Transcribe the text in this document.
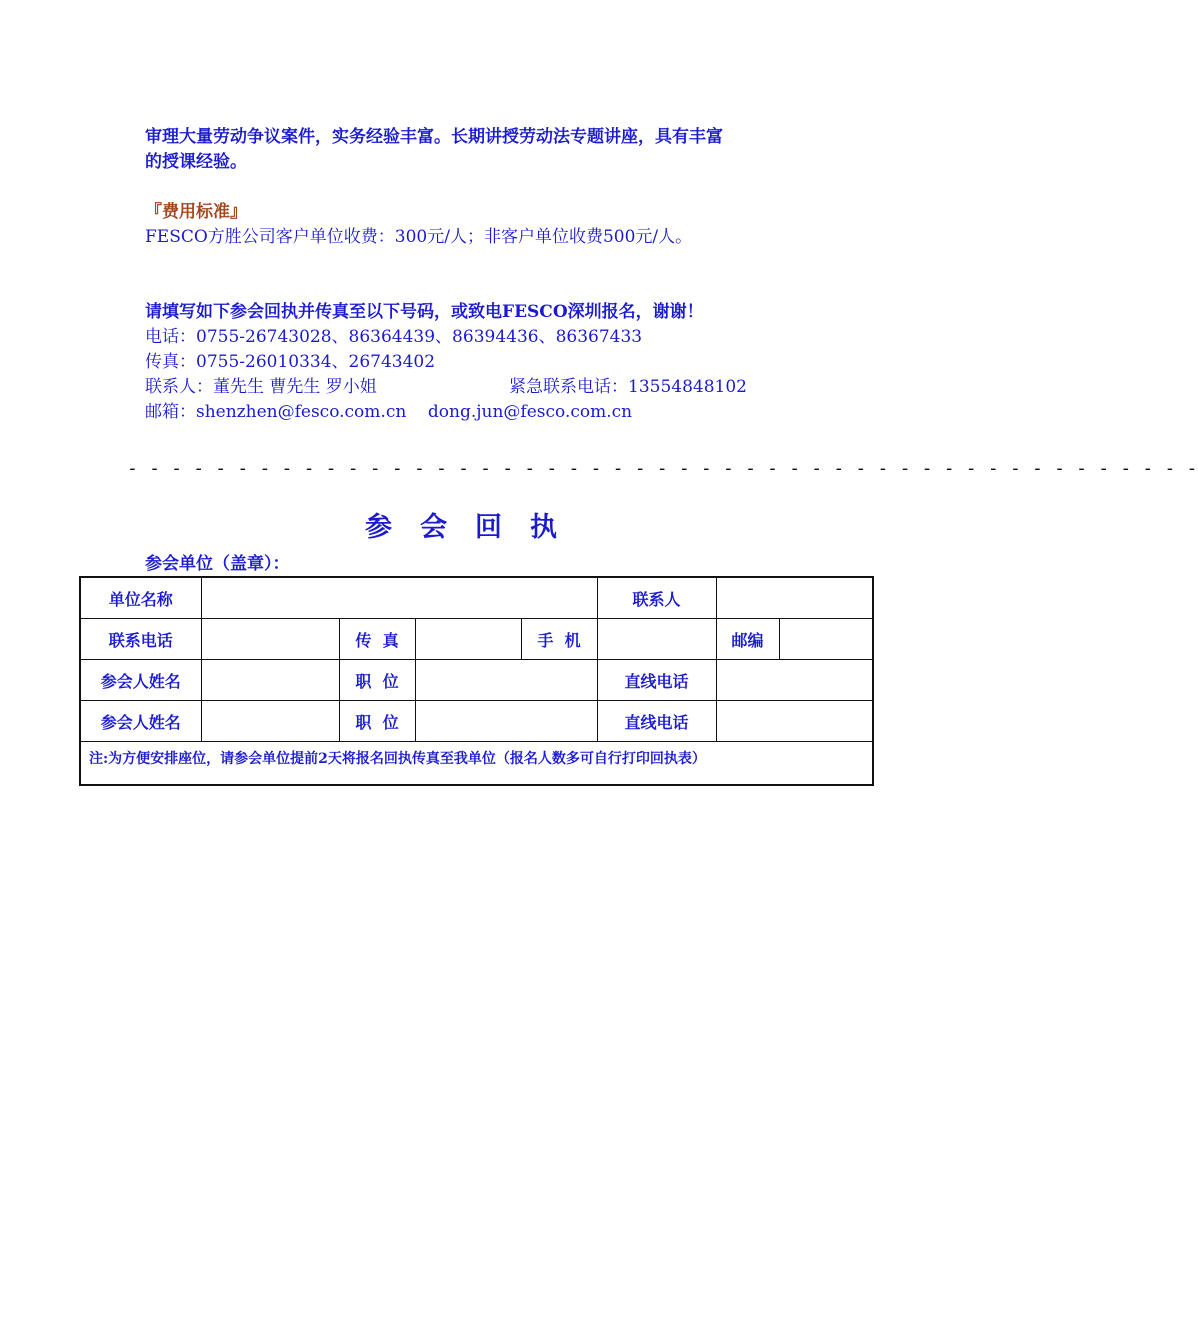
审理大量劳动争议案件，实务经验丰富。长期讲授劳动法专题讲座，具有丰富
的授课经验。
『费用标准』
FESCO方胜公司客户单位收费：300元/人；非客户单位收费500元/人。
请填写如下参会回执并传真至以下号码，或致电FESCO深圳报名，谢谢！
电话：0755-26743028、86364439、86394436、86367433
传真：0755-26010334、26743402
联系人：董先生 曹先生 罗小姐	紧急联系电话：13554848102
邮箱：shenzhen@fesco.com.cn    dong.jun@fesco.com.cn
- - - - - - - - - - - - - - - - - - - - - - - - - - - - - - - - - - - - - - - - - - - - - - - - -
参会回执
参会单位（盖章）：
单位名称					联系人		
联系电话		传  真		手  机		邮编	
参会人姓名		职  位			直线电话		
参会人姓名		职  位			直线电话		
注:为方便安排座位，请参会单位提前2天将报名回执传真至我单位（报名人数多可自行打印回执表）							
